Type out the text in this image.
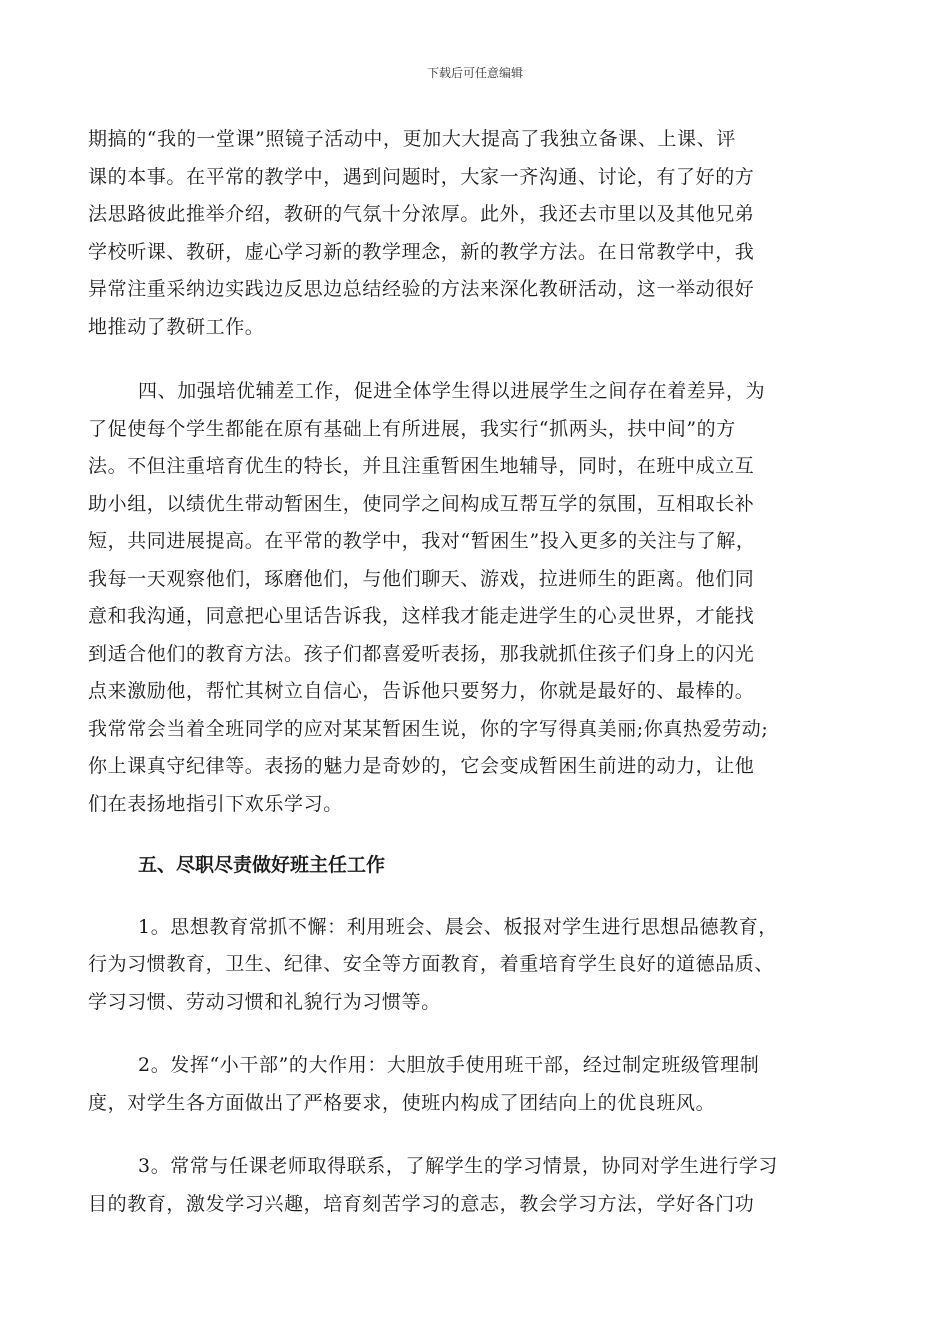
下载后可任意编辑

期搞的“我的一堂课”照镜子活动中，更加大大提高了我独立备课、上课、评
课的本事。在平常的教学中，遇到问题时，大家一齐沟通、讨论，有了好的方
法思路彼此推举介绍，教研的气氛十分浓厚。此外，我还去市里以及其他兄弟
学校听课、教研，虚心学习新的教学理念，新的教学方法。在日常教学中，我
异常注重采纳边实践边反思边总结经验的方法来深化教研活动，这一举动很好
地推动了教研工作。

四、加强培优辅差工作，促进全体学生得以进展学生之间存在着差异，为
了促使每个学生都能在原有基础上有所进展，我实行“抓两头，扶中间”的方
法。不但注重培育优生的特长，并且注重暂困生地辅导，同时，在班中成立互
助小组，以绩优生带动暂困生，使同学之间构成互帮互学的氛围，互相取长补
短，共同进展提高。在平常的教学中，我对“暂困生”投入更多的关注与了解，
我每一天观察他们，琢磨他们，与他们聊天、游戏，拉进师生的距离。他们同
意和我沟通，同意把心里话告诉我，这样我才能走进学生的心灵世界，才能找
到适合他们的教育方法。孩子们都喜爱听表扬，那我就抓住孩子们身上的闪光
点来激励他，帮忙其树立自信心，告诉他只要努力，你就是最好的、最棒的。
我常常会当着全班同学的应对某某暂困生说，你的字写得真美丽;你真热爱劳动;
你上课真守纪律等。表扬的魅力是奇妙的，它会变成暂困生前进的动力，让他
们在表扬地指引下欢乐学习。

五、尽职尽责做好班主任工作

1。思想教育常抓不懈：利用班会、晨会、板报对学生进行思想品德教育，
行为习惯教育，卫生、纪律、安全等方面教育，着重培育学生良好的道德品质、
学习习惯、劳动习惯和礼貌行为习惯等。

2。发挥“小干部”的大作用：大胆放手使用班干部，经过制定班级管理制
度，对学生各方面做出了严格要求，使班内构成了团结向上的优良班风。

3。常常与任课老师取得联系，了解学生的学习情景，协同对学生进行学习
目的教育，激发学习兴趣，培育刻苦学习的意志，教会学习方法，学好各门功
